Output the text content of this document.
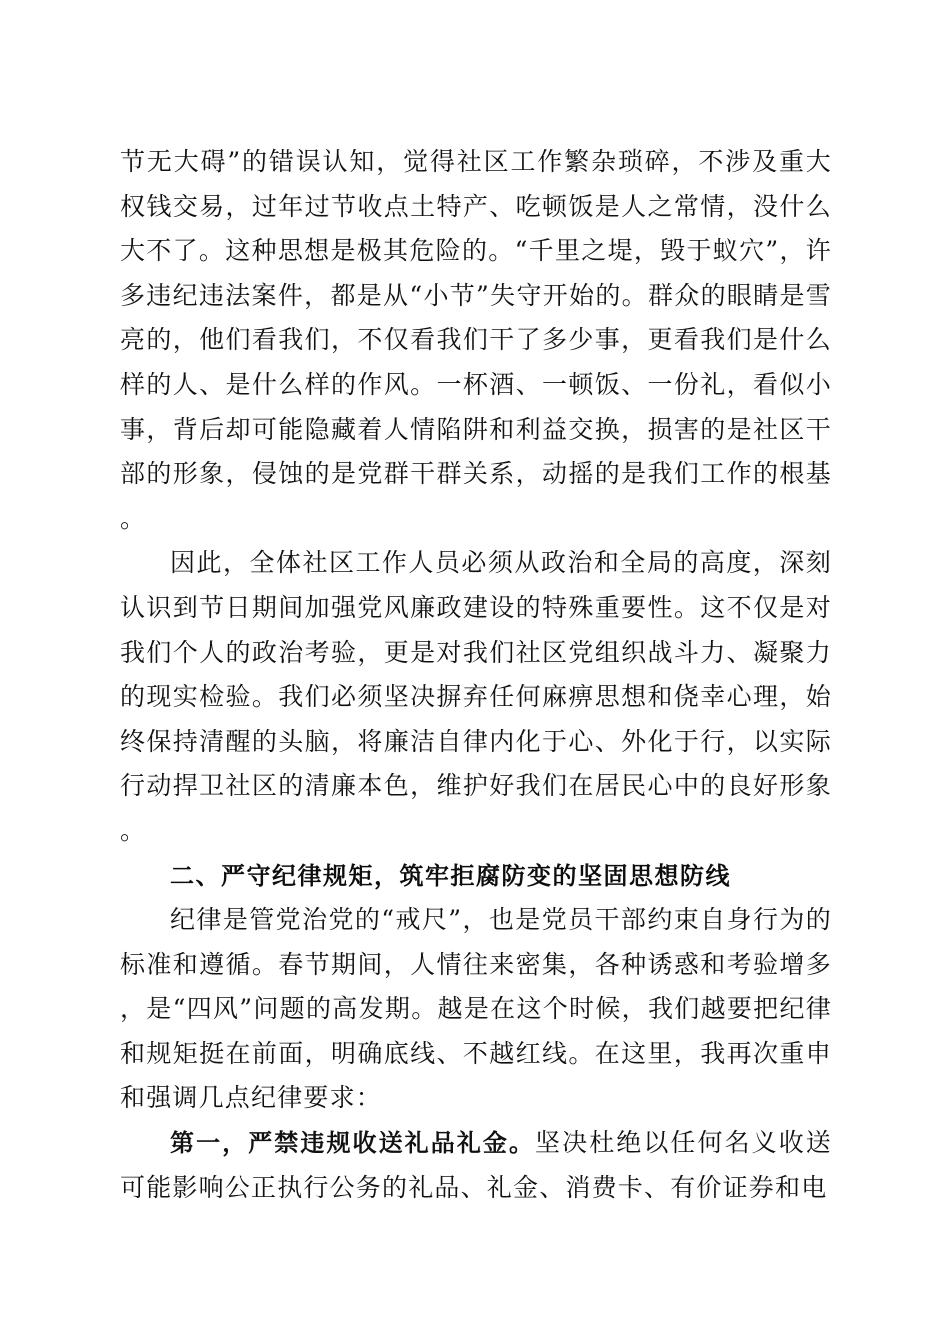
节无大碍”的错误认知，觉得社区工作繁杂琐碎，不涉及重大权钱交易，过年过节收点土特产、吃顿饭是人之常情，没什么大不了。这种思想是极其危险的。“千里之堤，毁于蚁穴”，许多违纪违法案件，都是从“小节”失守开始的。群众的眼睛是雪亮的，他们看我们，不仅看我们干了多少事，更看我们是什么样的人、是什么样的作风。一杯酒、一顿饭、一份礼，看似小事，背后却可能隐藏着人情陷阱和利益交换，损害的是社区干部的形象，侵蚀的是党群干群关系，动摇的是我们工作的根基。

因此，全体社区工作人员必须从政治和全局的高度，深刻认识到节日期间加强党风廉政建设的特殊重要性。这不仅是对我们个人的政治考验，更是对我们社区党组织战斗力、凝聚力的现实检验。我们必须坚决摒弃任何麻痹思想和侥幸心理，始终保持清醒的头脑，将廉洁自律内化于心、外化于行，以实际行动捍卫社区的清廉本色，维护好我们在居民心中的良好形象。

二、严守纪律规矩，筑牢拒腐防变的坚固思想防线

纪律是管党治党的“戒尺”，也是党员干部约束自身行为的标准和遵循。春节期间，人情往来密集，各种诱惑和考验增多，是“四风”问题的高发期。越是在这个时候，我们越要把纪律和规矩挺在前面，明确底线、不越红线。在这里，我再次重申和强调几点纪律要求：

第一，严禁违规收送礼品礼金。坚决杜绝以任何名义收送可能影响公正执行公务的礼品、礼金、消费卡、有价证券和电
